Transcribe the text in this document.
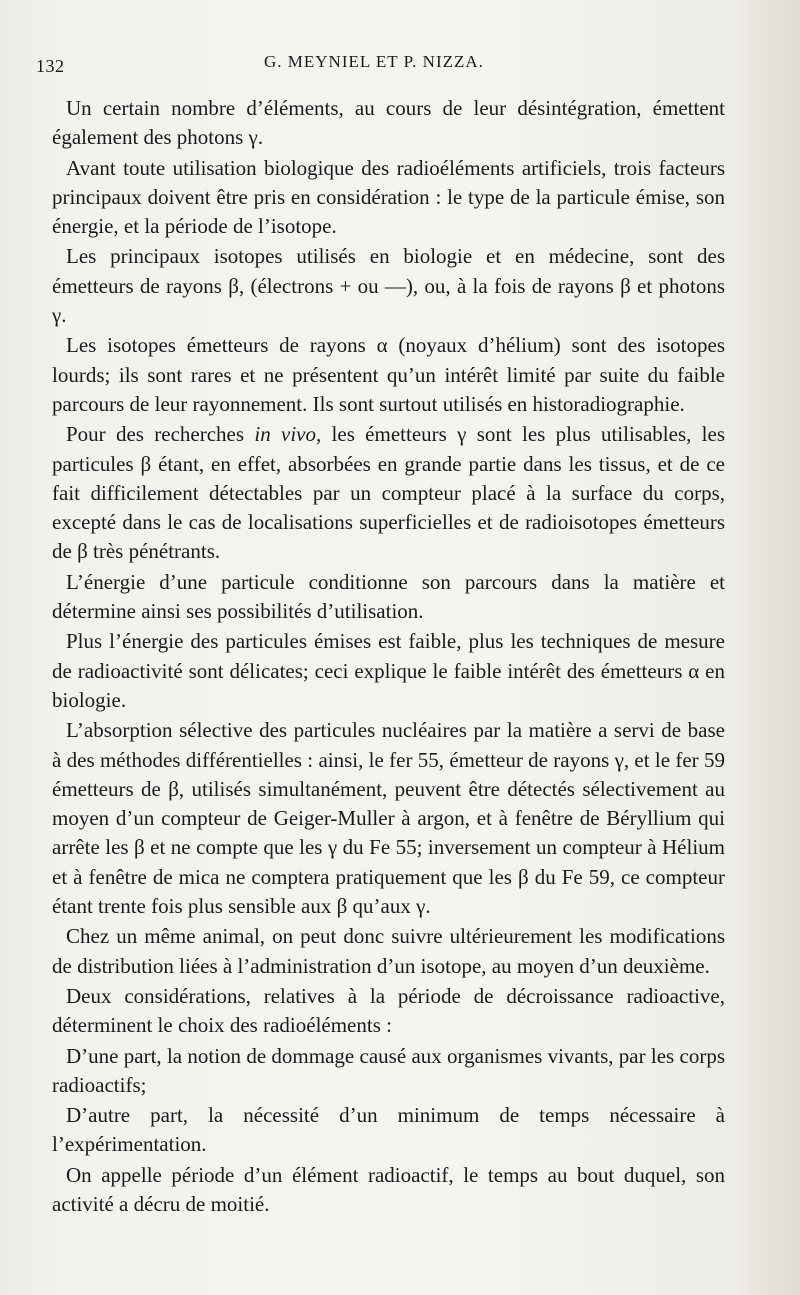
132	G. MEYNIEL ET P. NIZZA.

Un certain nombre d’éléments, au cours de leur désintégration, émettent également des photons γ.

Avant toute utilisation biologique des radioéléments artificiels, trois facteurs principaux doivent être pris en considération : le type de la particule émise, son énergie, et la période de l’isotope.

Les principaux isotopes utilisés en biologie et en médecine, sont des émetteurs de rayons β, (électrons + ou —), ou, à la fois de rayons β et photons γ.

Les isotopes émetteurs de rayons α (noyaux d’hélium) sont des isotopes lourds; ils sont rares et ne présentent qu’un intérêt limité par suite du faible parcours de leur rayonnement. Ils sont surtout utilisés en historadiographie.

Pour des recherches in vivo, les émetteurs γ sont les plus utilisables, les particules β étant, en effet, absorbées en grande partie dans les tissus, et de ce fait difficilement détectables par un compteur placé à la surface du corps, excepté dans le cas de localisations superficielles et de radioisotopes émetteurs de β très pénétrants.

L’énergie d’une particule conditionne son parcours dans la matière et détermine ainsi ses possibilités d’utilisation.

Plus l’énergie des particules émises est faible, plus les techniques de mesure de radioactivité sont délicates; ceci explique le faible intérêt des émetteurs α en biologie.

L’absorption sélective des particules nucléaires par la matière a servi de base à des méthodes différentielles : ainsi, le fer 55, émetteur de rayons γ, et le fer 59 émetteurs de β, utilisés simultanément, peuvent être détectés sélectivement au moyen d’un compteur de Geiger-Muller à argon, et à fenêtre de Béryllium qui arrête les β et ne compte que les γ du Fe 55; inversement un compteur à Hélium et à fenêtre de mica ne comptera pratiquement que les β du Fe 59, ce compteur étant trente fois plus sensible aux β qu’aux γ.

Chez un même animal, on peut donc suivre ultérieurement les modifications de distribution liées à l’administration d’un isotope, au moyen d’un deuxième.

Deux considérations, relatives à la période de décroissance radioactive, déterminent le choix des radioéléments :

D’une part, la notion de dommage causé aux organismes vivants, par les corps radioactifs;

D’autre part, la nécessité d’un minimum de temps nécessaire à l’expérimentation.

On appelle période d’un élément radioactif, le temps au bout duquel, son activité a décru de moitié.
